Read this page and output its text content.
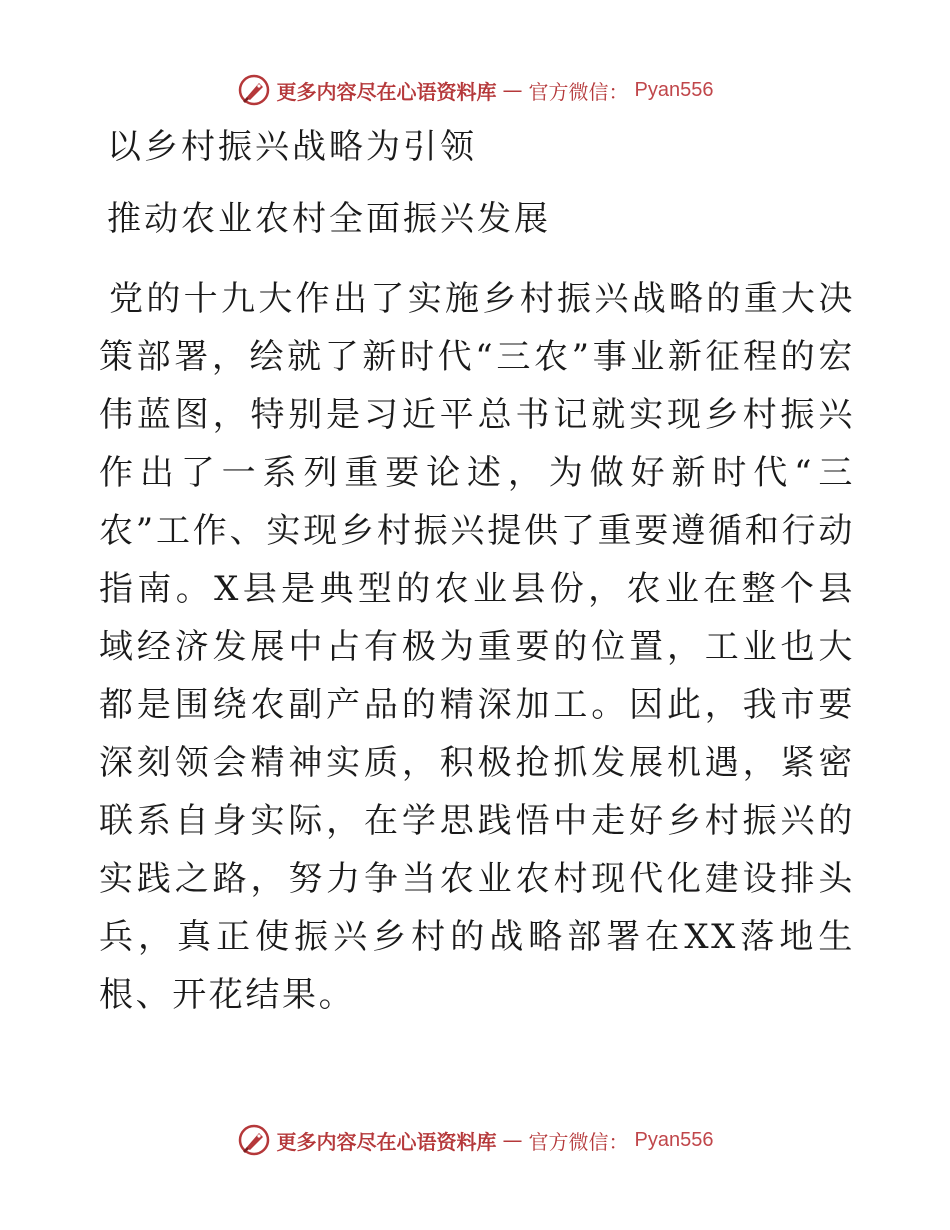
更多内容尽在心语资料库 — 官方微信： Pyan556
以乡村振兴战略为引领
推动农业农村全面振兴发展
党的十九大作出了实施乡村振兴战略的重大决策部署，绘就了新时代“三农”事业新征程的宏伟蓝图，特别是习近平总书记就实现乡村振兴作出了一系列重要论述，为做好新时代“三农”工作、实现乡村振兴提供了重要遵循和行动指南。X县是典型的农业县份，农业在整个县域经济发展中占有极为重要的位置，工业也大都是围绕农副产品的精深加工。因此，我市要深刻领会精神实质，积极抢抓发展机遇，紧密联系自身实际，在学思践悟中走好乡村振兴的实践之路，努力争当农业农村现代化建设排头兵，真正使振兴乡村的战略部署在XX落地生根、开花结果。
更多内容尽在心语资料库 — 官方微信： Pyan556
